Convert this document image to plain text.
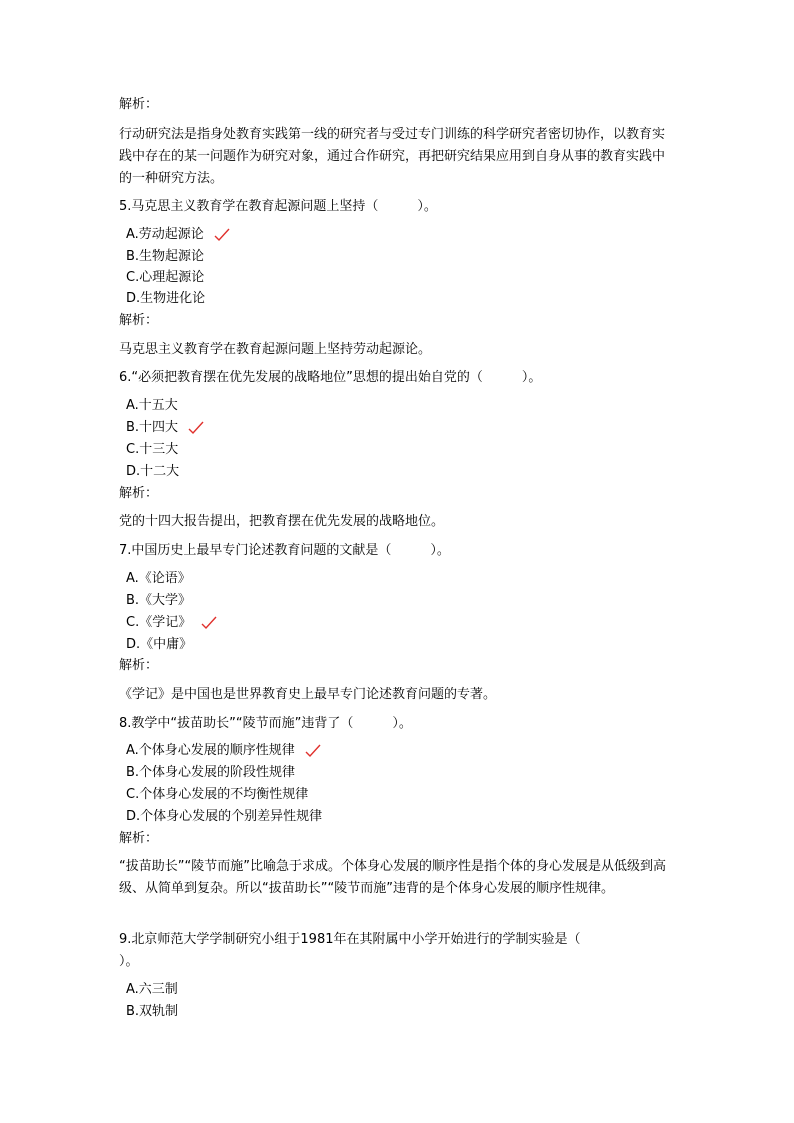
解析：
行动研究法是指身处教育实践第一线的研究者与受过专门训练的科学研究者密切协作，以教育实践中存在的某一问题作为研究对象，通过合作研究，再把研究结果应用到自身从事的教育实践中的一种研究方法。
5.马克思主义教育学在教育起源问题上坚持（　　　）。
A.劳动起源论
B.生物起源论
C.心理起源论
D.生物进化论
解析：
马克思主义教育学在教育起源问题上坚持劳动起源论。
6.“必须把教育摆在优先发展的战略地位”思想的提出始自党的（　　　）。
A.十五大
B.十四大
C.十三大
D.十二大
解析：
党的十四大报告提出，把教育摆在优先发展的战略地位。
7.中国历史上最早专门论述教育问题的文献是（　　　）。
A.《论语》
B.《大学》
C.《学记》
D.《中庸》
解析：
《学记》是中国也是世界教育史上最早专门论述教育问题的专著。
8.教学中“拔苗助长”“陵节而施”违背了（　　　）。
A.个体身心发展的顺序性规律
B.个体身心发展的阶段性规律
C.个体身心发展的不均衡性规律
D.个体身心发展的个别差异性规律
解析：
“拔苗助长”“陵节而施”比喻急于求成。个体身心发展的顺序性是指个体的身心发展是从低级到高级、从简单到复杂。所以“拔苗助长”“陵节而施”违背的是个体身心发展的顺序性规律。
9.北京师范大学学制研究小组于1981年在其附属中小学开始进行的学制实验是（
）。
A.六三制
B.双轨制
